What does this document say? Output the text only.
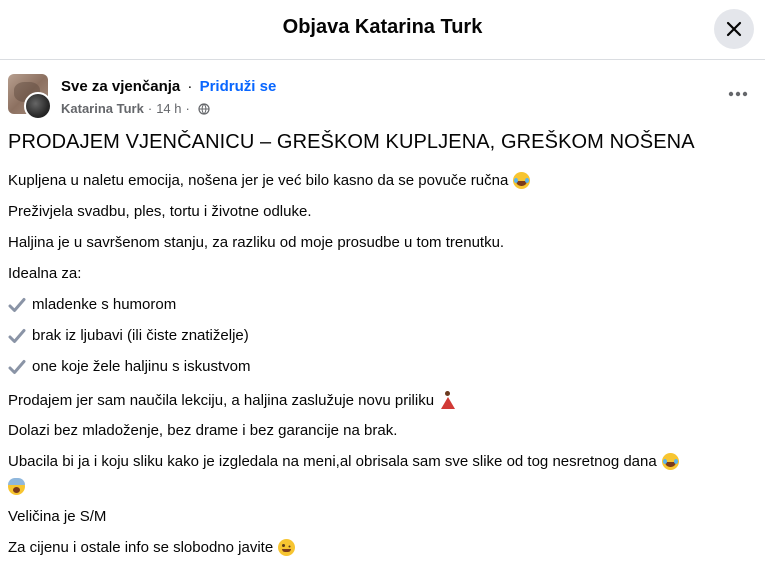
Objava Katarina Turk
Sve za vjenčanja · Pridruži se
Katarina Turk · 14 h ·
PRODAJEM VJENČANICU – GREŠKOM KUPLJENA, GREŠKOM NOŠENA
Kupljena u naletu emocija, nošena jer je već bilo kasno da se povuče ručna
Preživjela svadbu, ples, tortu i životne odluke.
Haljina je u savršenom stanju, za razliku od moje prosudbe u tom trenutku.
Idealna za:
mladenke s humorom
brak iz ljubavi (ili čiste znatiželje)
one koje žele haljinu s iskustvom
Prodajem jer sam naučila lekciju, a haljina zaslužuje novu priliku
Dolazi bez mladoženje, bez drame i bez garancije na brak.
Ubacila bi ja i koju sliku kako je izgledala na meni,al obrisala sam sve slike od tog nesretnog dana
Veličina je S/M
Za cijenu i ostale info se slobodno javite
